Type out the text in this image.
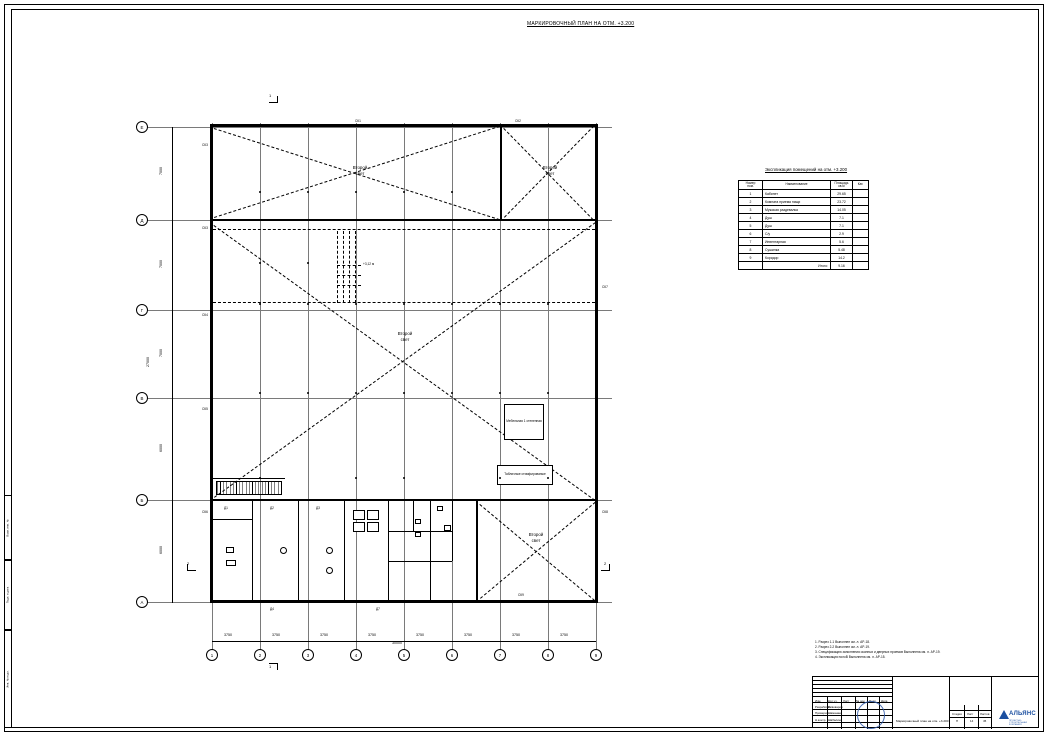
Инв. № подл.
Подп. и дата
Взам. инв. №
МАРКИРОВОЧНЫЙ ПЛАН НА ОТМ. +3.200
Второй
свет
Второй
свет
Второй
свет
Второй
свет
+3,12 м
Мебельная 1 степенная
Табличные стимфированые
СК1	СК2
СК3
СК3
СК4
СК5
СК6
СК7
СК8
СК9
Д4	Д7
Д1	Д2	Д3
Е
Д
Г
В
Б
А
1	2	3	4	5	6	7	8	9
3750	3750	3750	3750	3750	3750	3750	3750
30000
7000
7000
7000
6000
6000
27000
1
1
2	2
Экспликация помещений на отм. +3.200
Номер
пом.	Наименование	Площадь
кв.м	Кат.
1	Кабинет	29.65	
2	Комната приема пищи	23.72	
3	Мужская раздевалка	14.05	
4	Душ	7.1	
5	Душ	7.1	
6	С/у	2.9	
7	Инвентарная	5.6	
8	Сушилка	5.48	
9	Коридор	14.2	
	Итого:	9.16	
1. Разрез 1-1 Выполнен см. л. АР-18.
2. Разрез 2-2 Выполнен см. л. АР-19.
3. Спецификацию заполнения оконных и дверных проемов Выполнена см. л. АР-19.
4. Экспликация полоВ Выполнена см. л. АР-15.
Изм. Кол.уч. Лист № док. Подп. Дата
Разработал
Пивоваров
Проверил Шаманаев
Н.контр. Шабалина	Маркировочный план на отм. +3.200
Стадия Лист Листов
П	14	45
АЛЬЯНС
ПРОЕКТНО-СТРОИТЕЛЬНАЯ КОМПАНИЯ
